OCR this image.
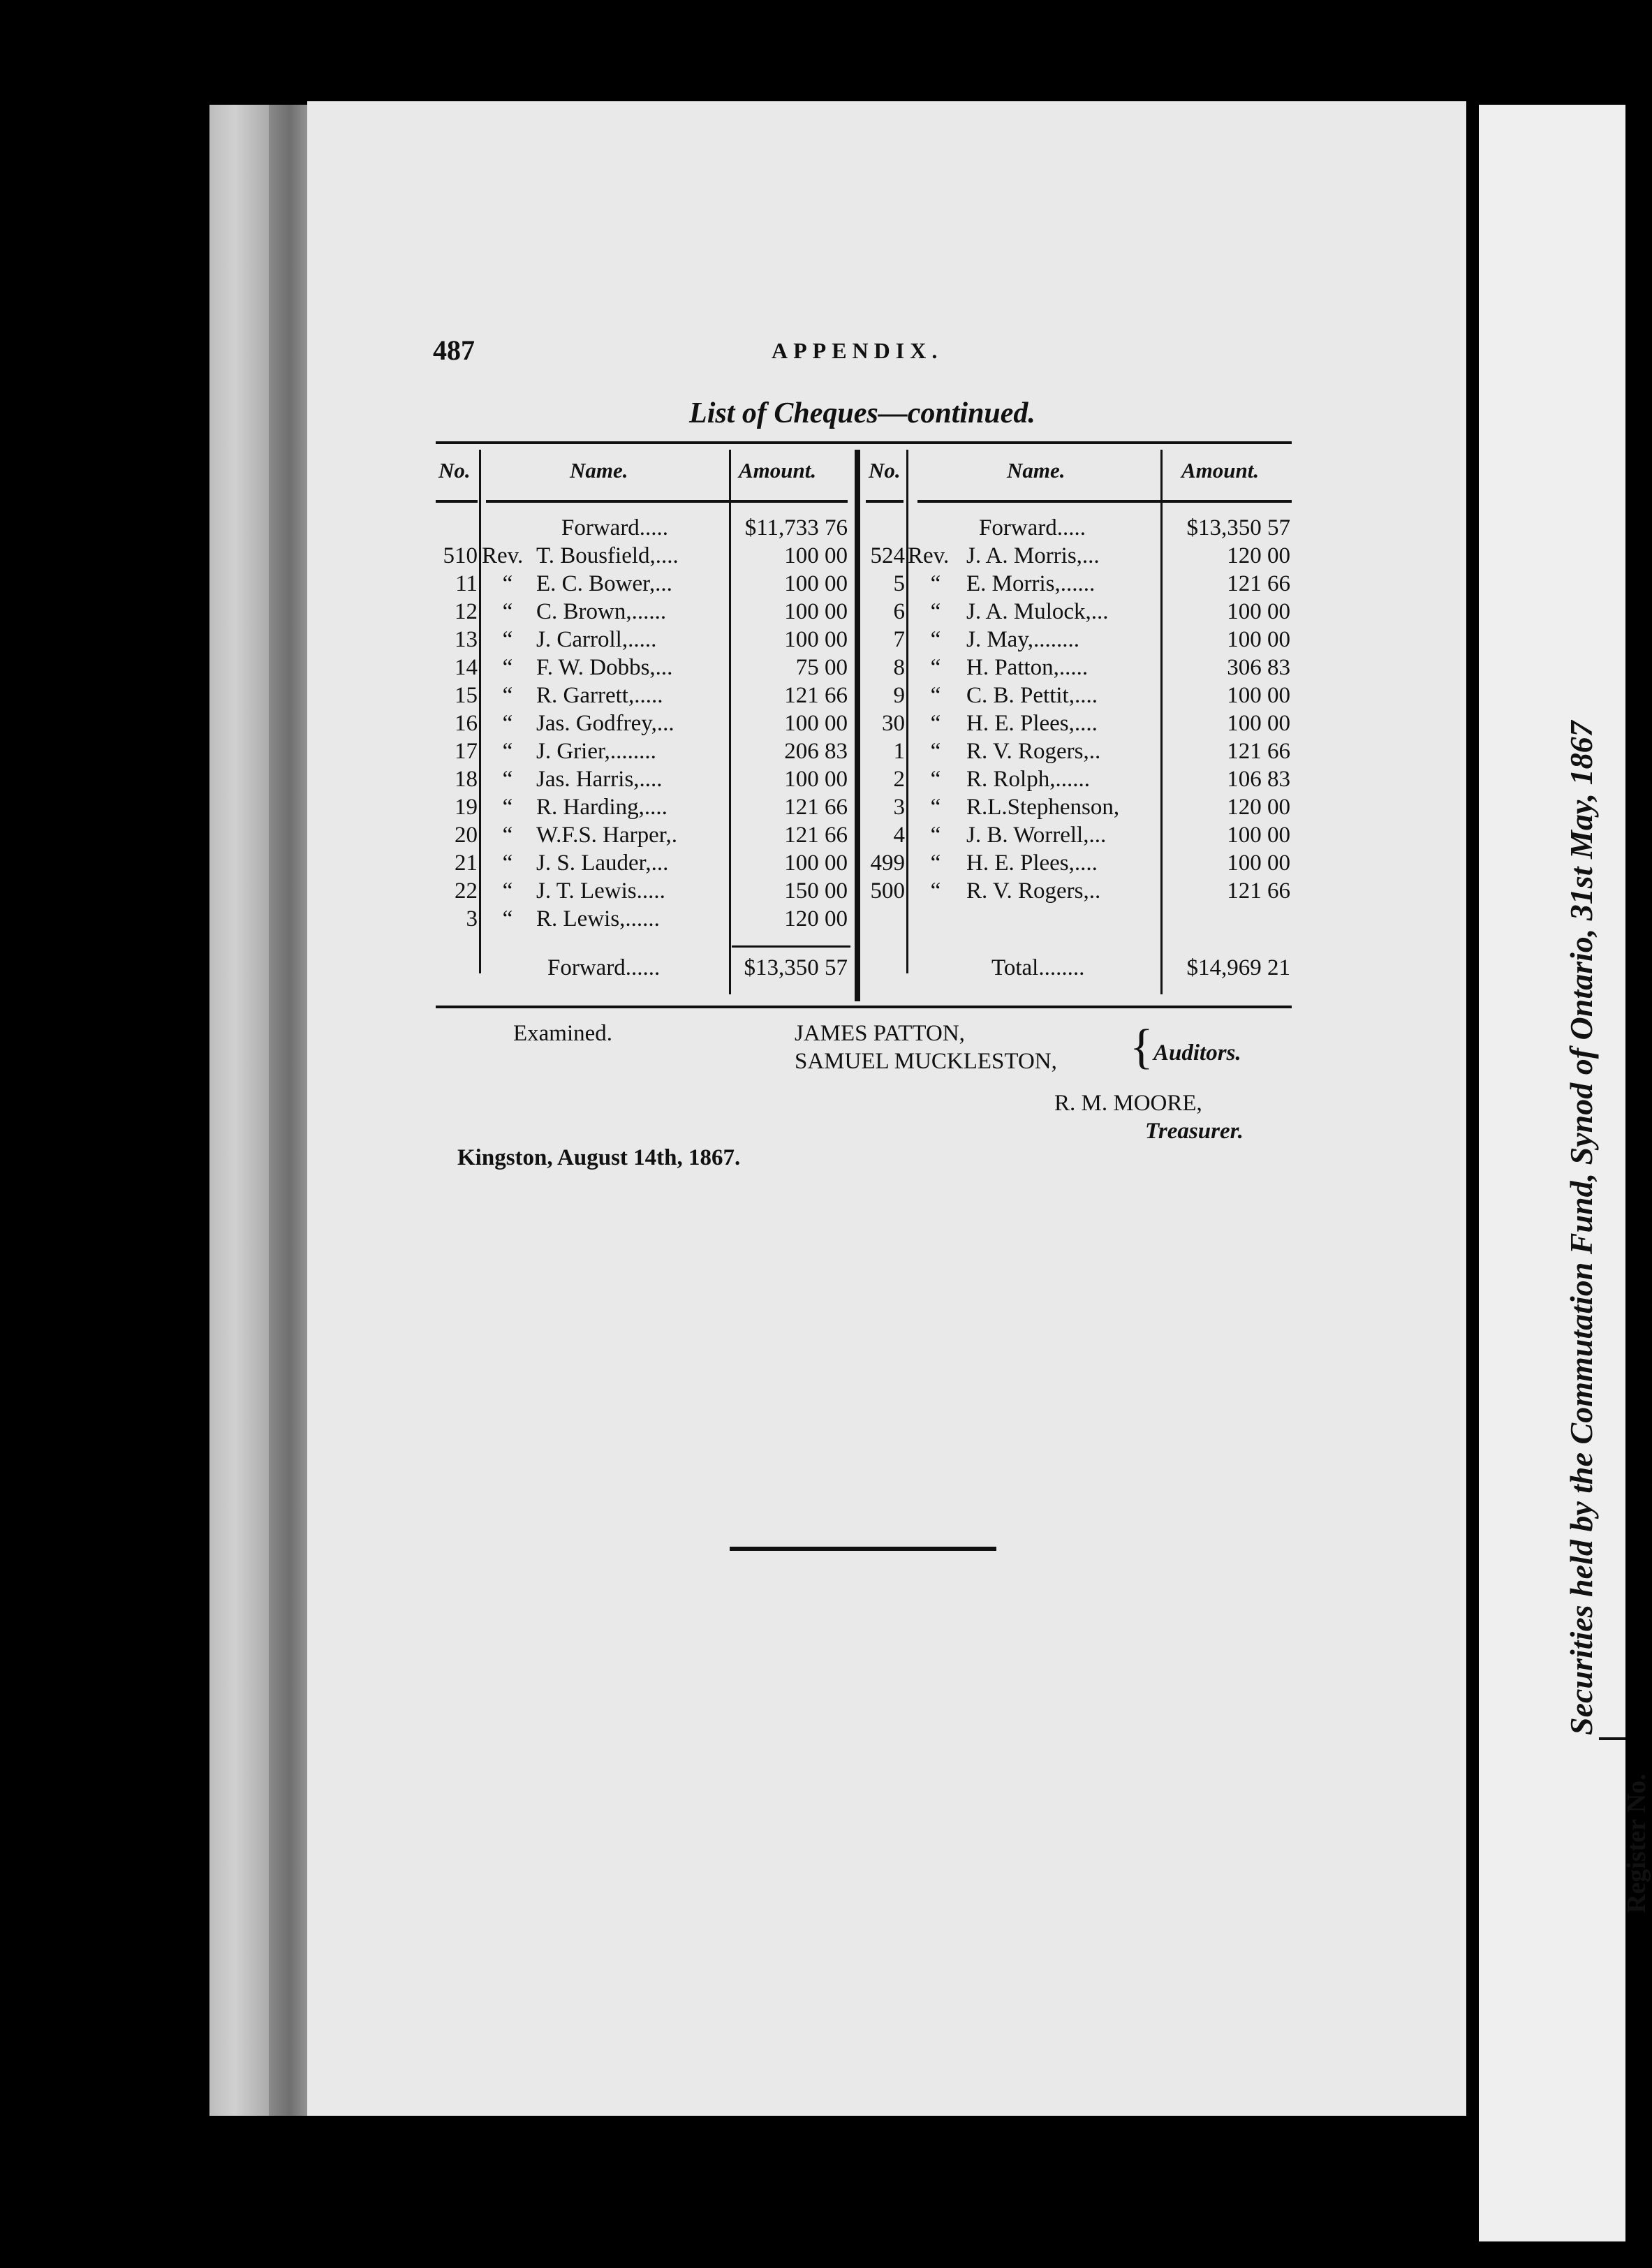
487	APPENDIX.
List of Cheques—continued.
No.	Name.	Amount. No.	Name.	Amount.
Forward.....	$11,733 76
510 Rev. T. Bousfield,....	100 00
11	“	E. C. Bower,...	100 00
12	“	C. Brown,......	100 00
13	“	J. Carroll,.....	100 00
14	“	F. W. Dobbs,...	75 00
15	“	R. Garrett,.....	121 66
16	“	Jas. Godfrey,...	100 00
17	“	J. Grier,........	206 83
18	“	Jas. Harris,....	100 00
19	“	R. Harding,....	121 66
20	“	W.F.S. Harper,.	121 66
21	“	J. S. Lauder,...	100 00
22	“	J. T. Lewis.....	150 00
3	“	R. Lewis,......	120 00
Forward......	$13,350 57
Forward.....	$13,350 57
524 Rev. J. A. Morris,...	120 00
5	“	E. Morris,......	121 66
6	“	J. A. Mulock,...	100 00
7	“	J. May,........	100 00
8	“	H. Patton,.....	306 83
9	“	C. B. Pettit,....	100 00
30	“	H. E. Plees,....	100 00
1	“	R. V. Rogers,..	121 66
2	“	R. Rolph,......	106 83
3	“	R.L.Stephenson,	120 00
4	“	J. B. Worrell,...	100 00
499	“	H. E. Plees,....	100 00
500	“	R. V. Rogers,..	121 66
Total........	$14,969 21
Examined.	JAMES PATTON,
SAMUEL MUCKLESTON, { Auditors.
R. M. MOORE,
Treasurer.
Kingston, August 14th, 1867.	Securities held by the Commutation Fund, Synod of Ontario, 31st May, 1867
Register No.
